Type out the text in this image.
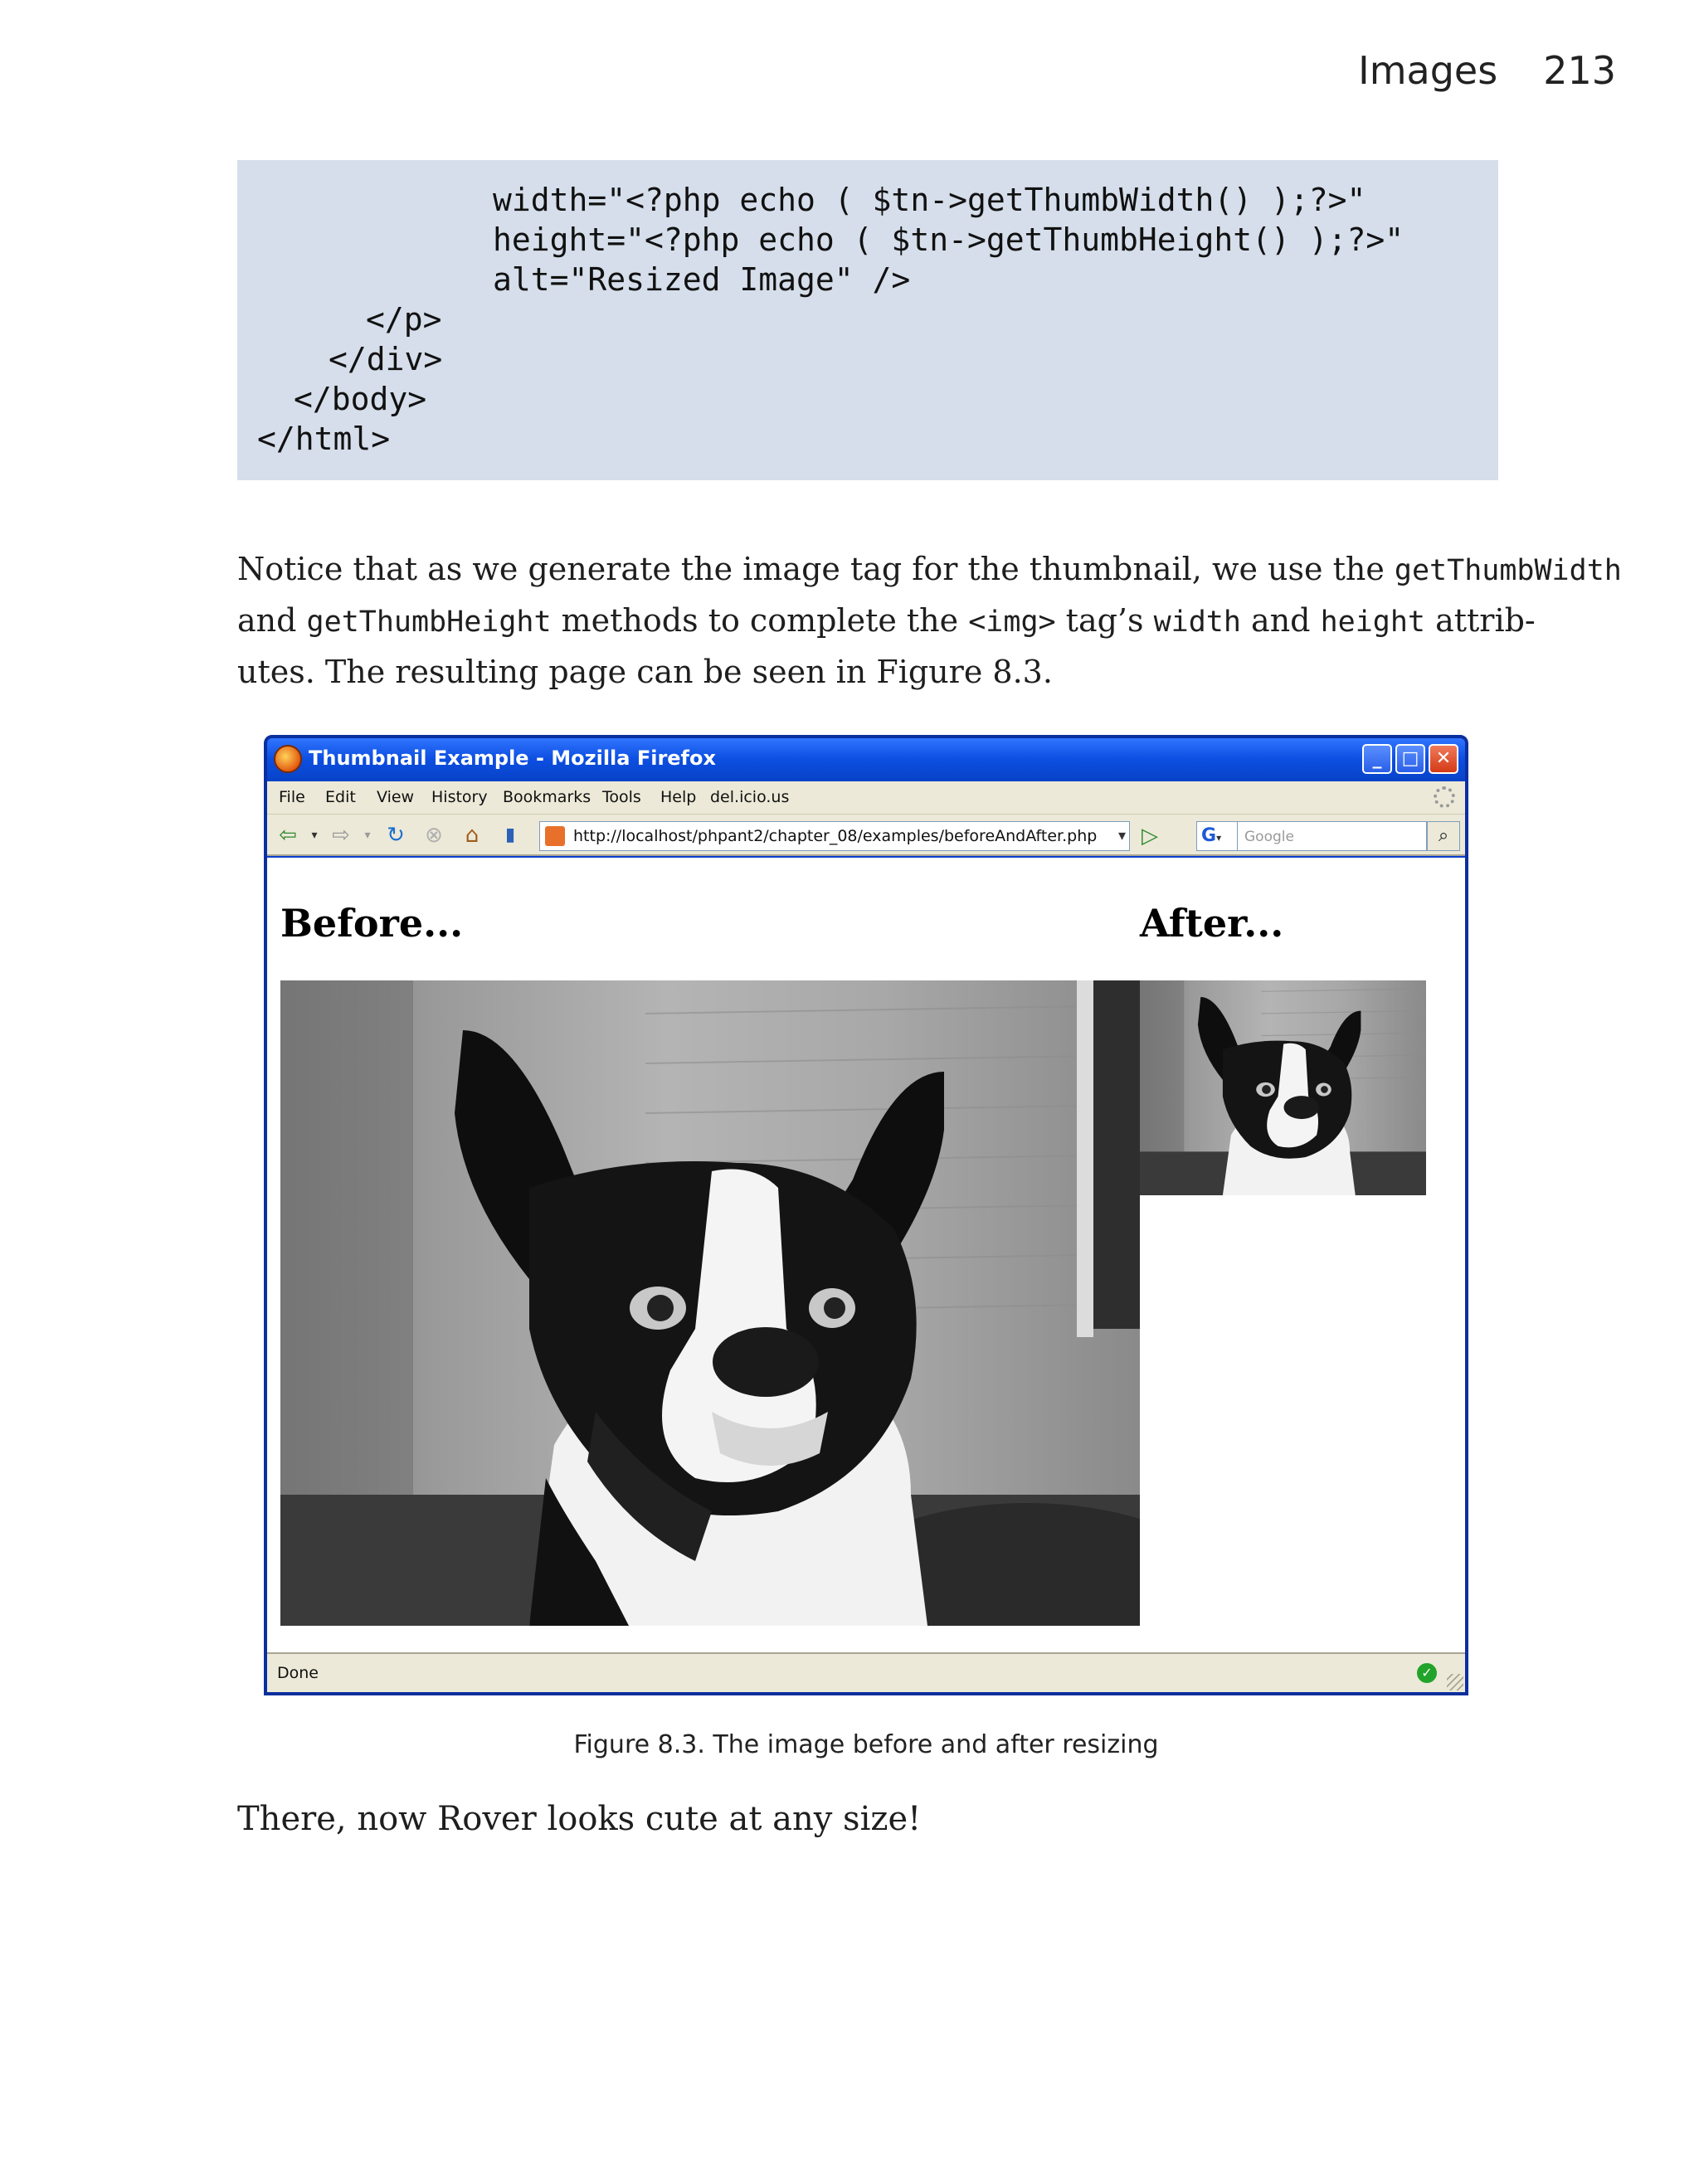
Images 213
width="<?php echo ( $tn->getThumbWidth() );?>"
height="<?php echo ( $tn->getThumbHeight() );?>"
alt="Resized Image" />
</p>
</div>
</body>
</html>
Notice that as we generate the image tag for the thumbnail, we use the getThumbWidth
and getThumbHeight methods to complete the <img> tag’s width and height attrib-
utes. The resulting page can be seen in Figure 8.3.
Thumbnail Example - Mozilla Firefox	_	□ ✕
File Edit View History Bookmarks Tools Help del.icio.us
⇦	▾ ⇨	▾ ↻ ⊗ ⌂	▮	http://localhost/phpant2/chapter_08/examples/beforeAndAfter.php ▾ ▷ G▾	Google	⌕
Before...	After...
Done	✓
Figure 8.3. The image before and after resizing
There, now Rover looks cute at any size!
